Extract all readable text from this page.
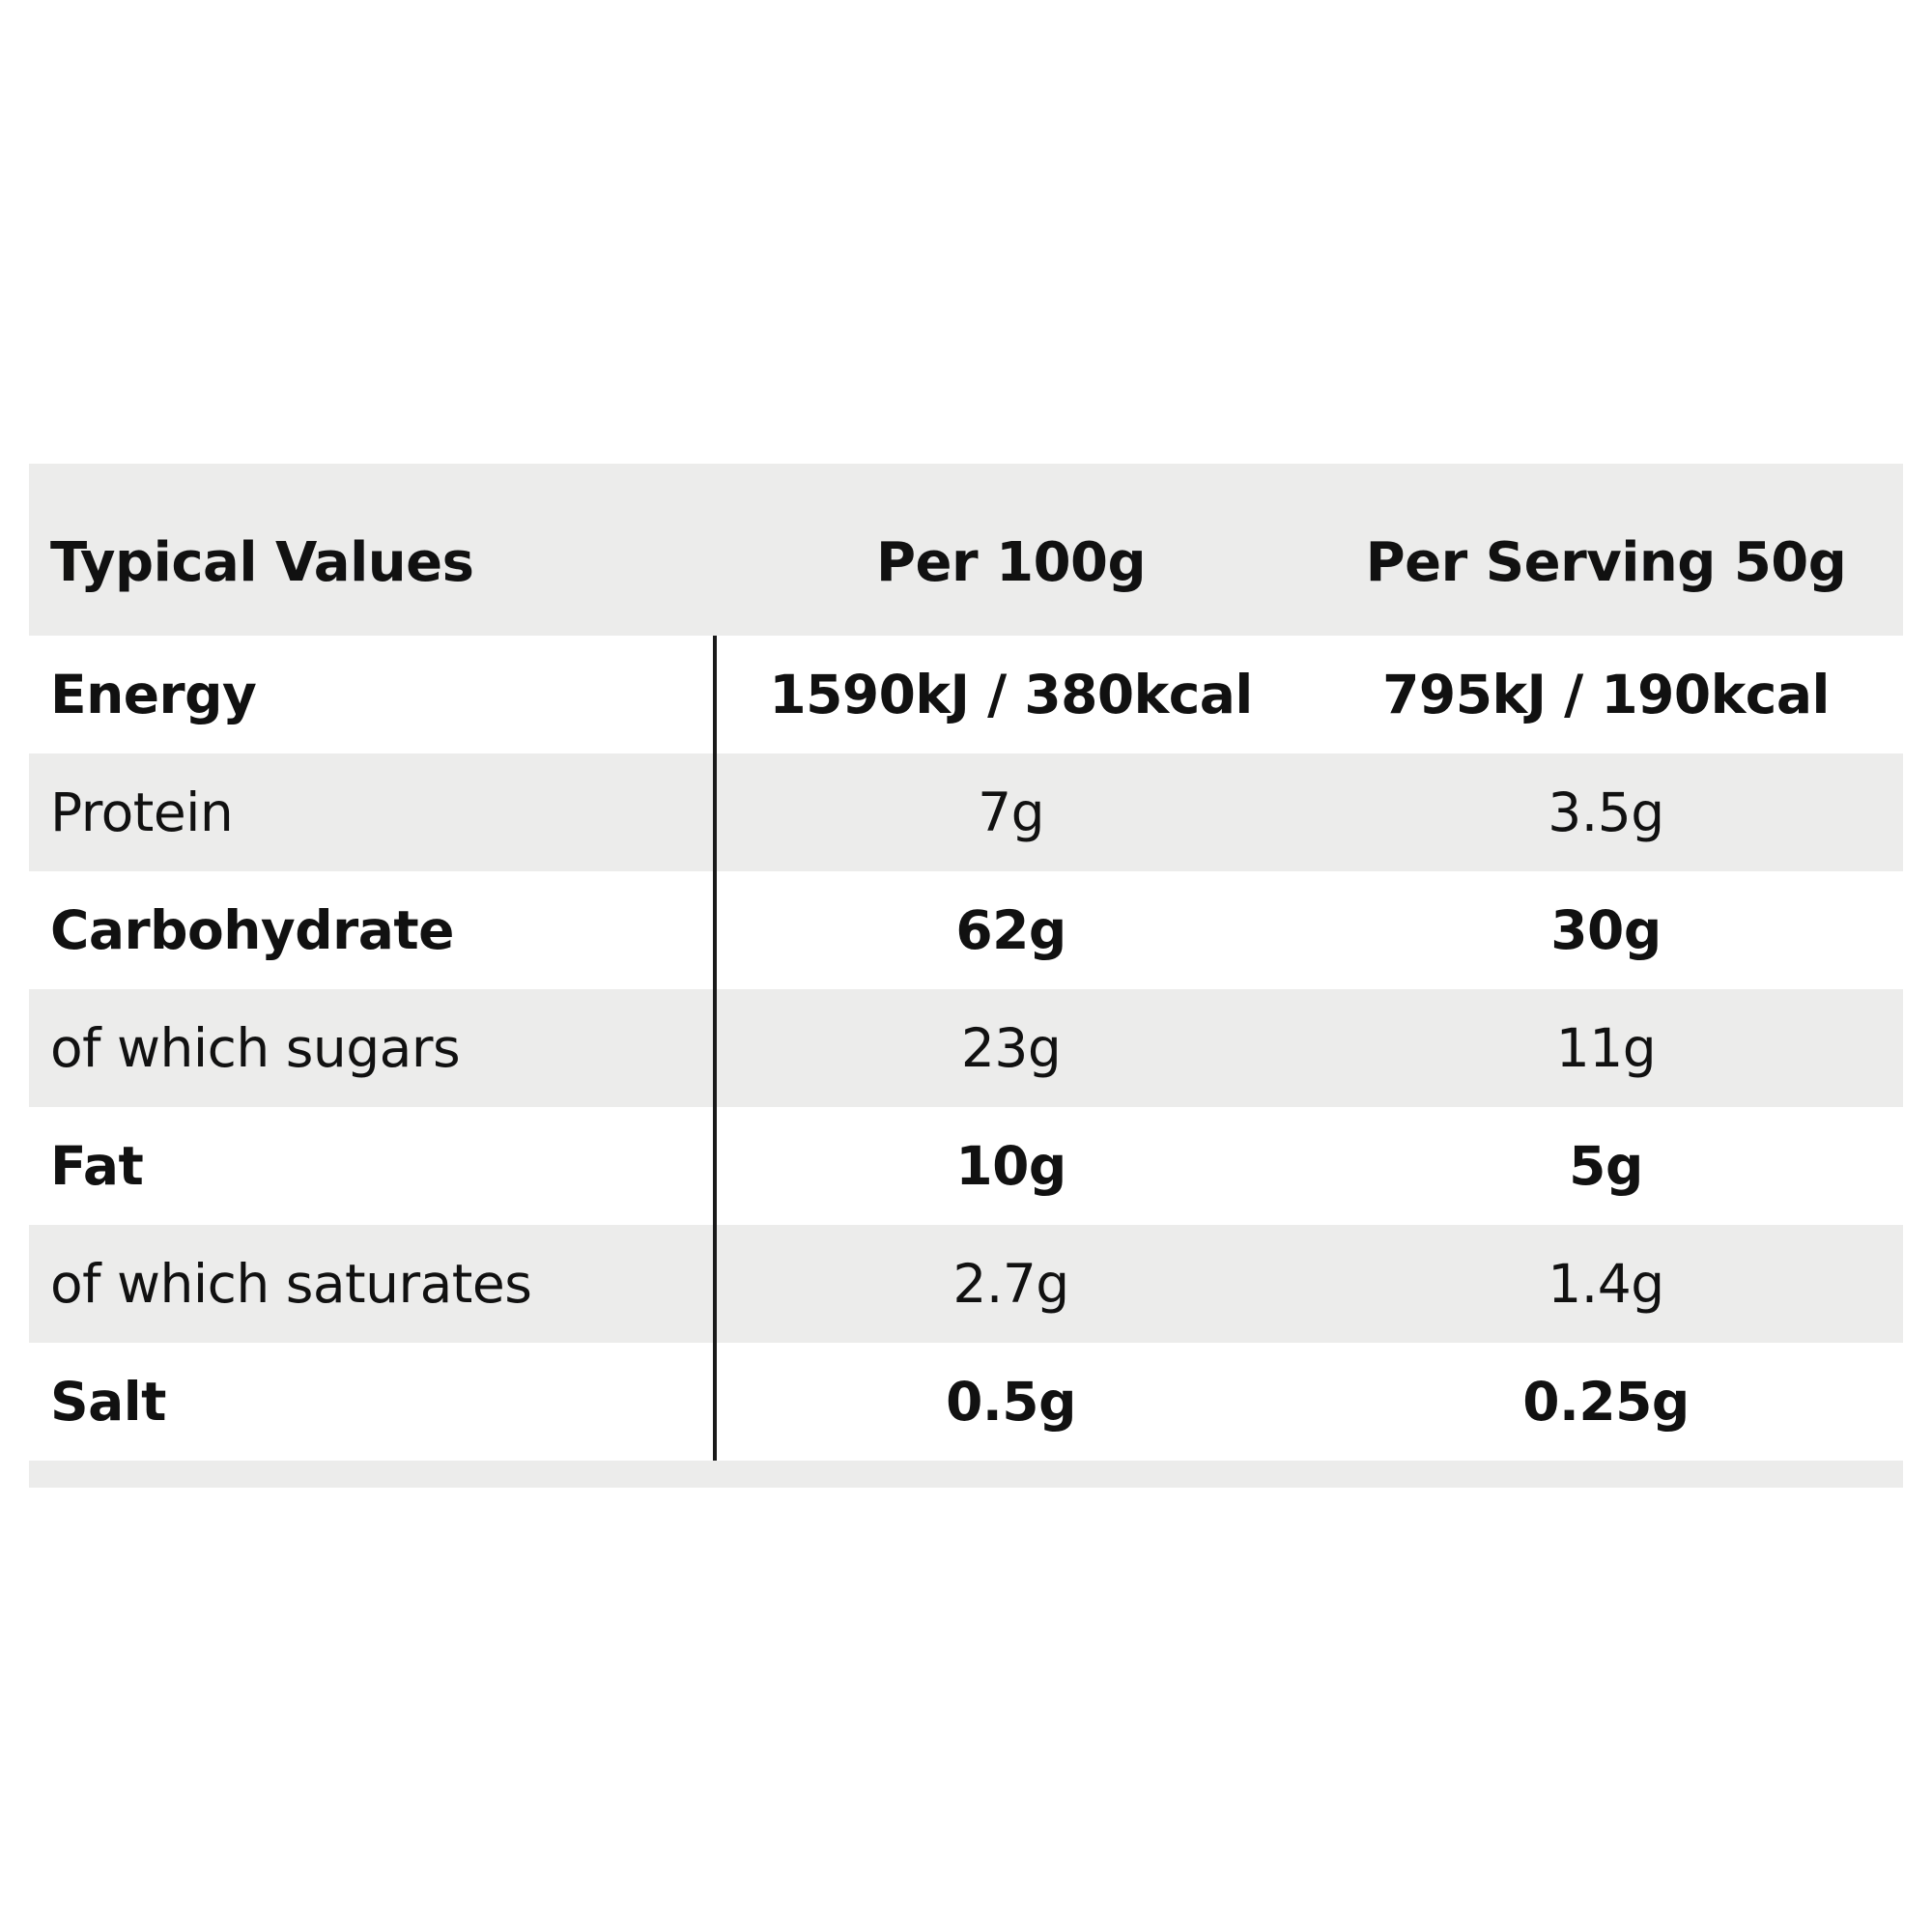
Typical Values	Per 100g	Per Serving 50g
Energy	1590kJ / 380kcal	795kJ / 190kcal
Protein	7g	3.5g
Carbohydrate	62g	30g
of which sugars	23g	11g
Fat	10g	5g
of which saturates	2.7g	1.4g
Salt	0.5g	0.25g
